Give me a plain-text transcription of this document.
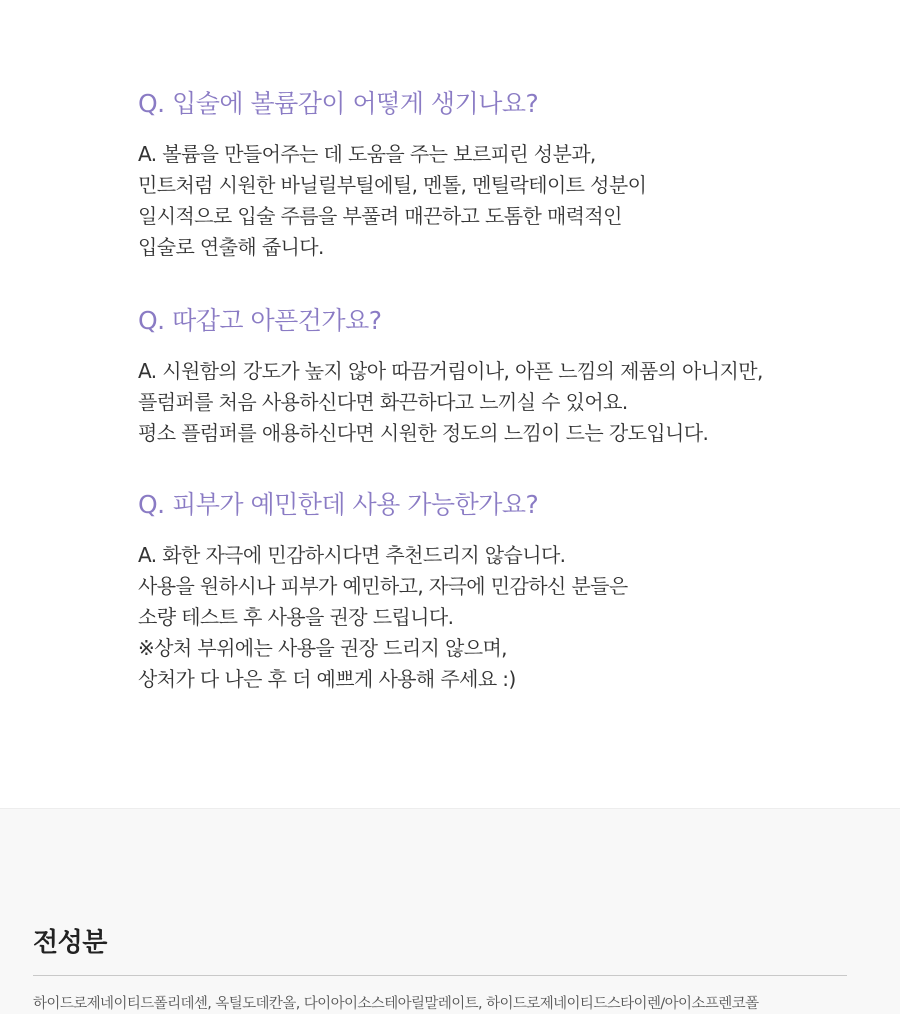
Q. 입술에 볼륨감이 어떻게 생기나요?
A. 볼륨을 만들어주는 데 도움을 주는 보르피린 성분과,
민트처럼 시원한 바닐릴부틸에틸, 멘톨, 멘틸락테이트 성분이
일시적으로 입술 주름을 부풀려 매끈하고 도톰한 매력적인
입술로 연출해 줍니다.
Q. 따갑고 아픈건가요?
A. 시원함의 강도가 높지 않아 따끔거림이나, 아픈 느낌의 제품의 아니지만,
플럼퍼를 처음 사용하신다면 화끈하다고 느끼실 수 있어요.
평소 플럼퍼를 애용하신다면 시원한 정도의 느낌이 드는 강도입니다.
Q. 피부가 예민한데 사용 가능한가요?
A. 화한 자극에 민감하시다면 추천드리지 않습니다.
사용을 원하시나 피부가 예민하고, 자극에 민감하신 분들은
소량 테스트 후 사용을 권장 드립니다.
※상처 부위에는 사용을 권장 드리지 않으며,
상처가 다 나은 후 더 예쁘게 사용해 주세요 :)
전성분

하이드로제네이티드폴리데센, 옥틸도데칸올, 다이아이소스테아릴말레이트, 하이드로제네이티드스타이렌/아이소프렌코폴
